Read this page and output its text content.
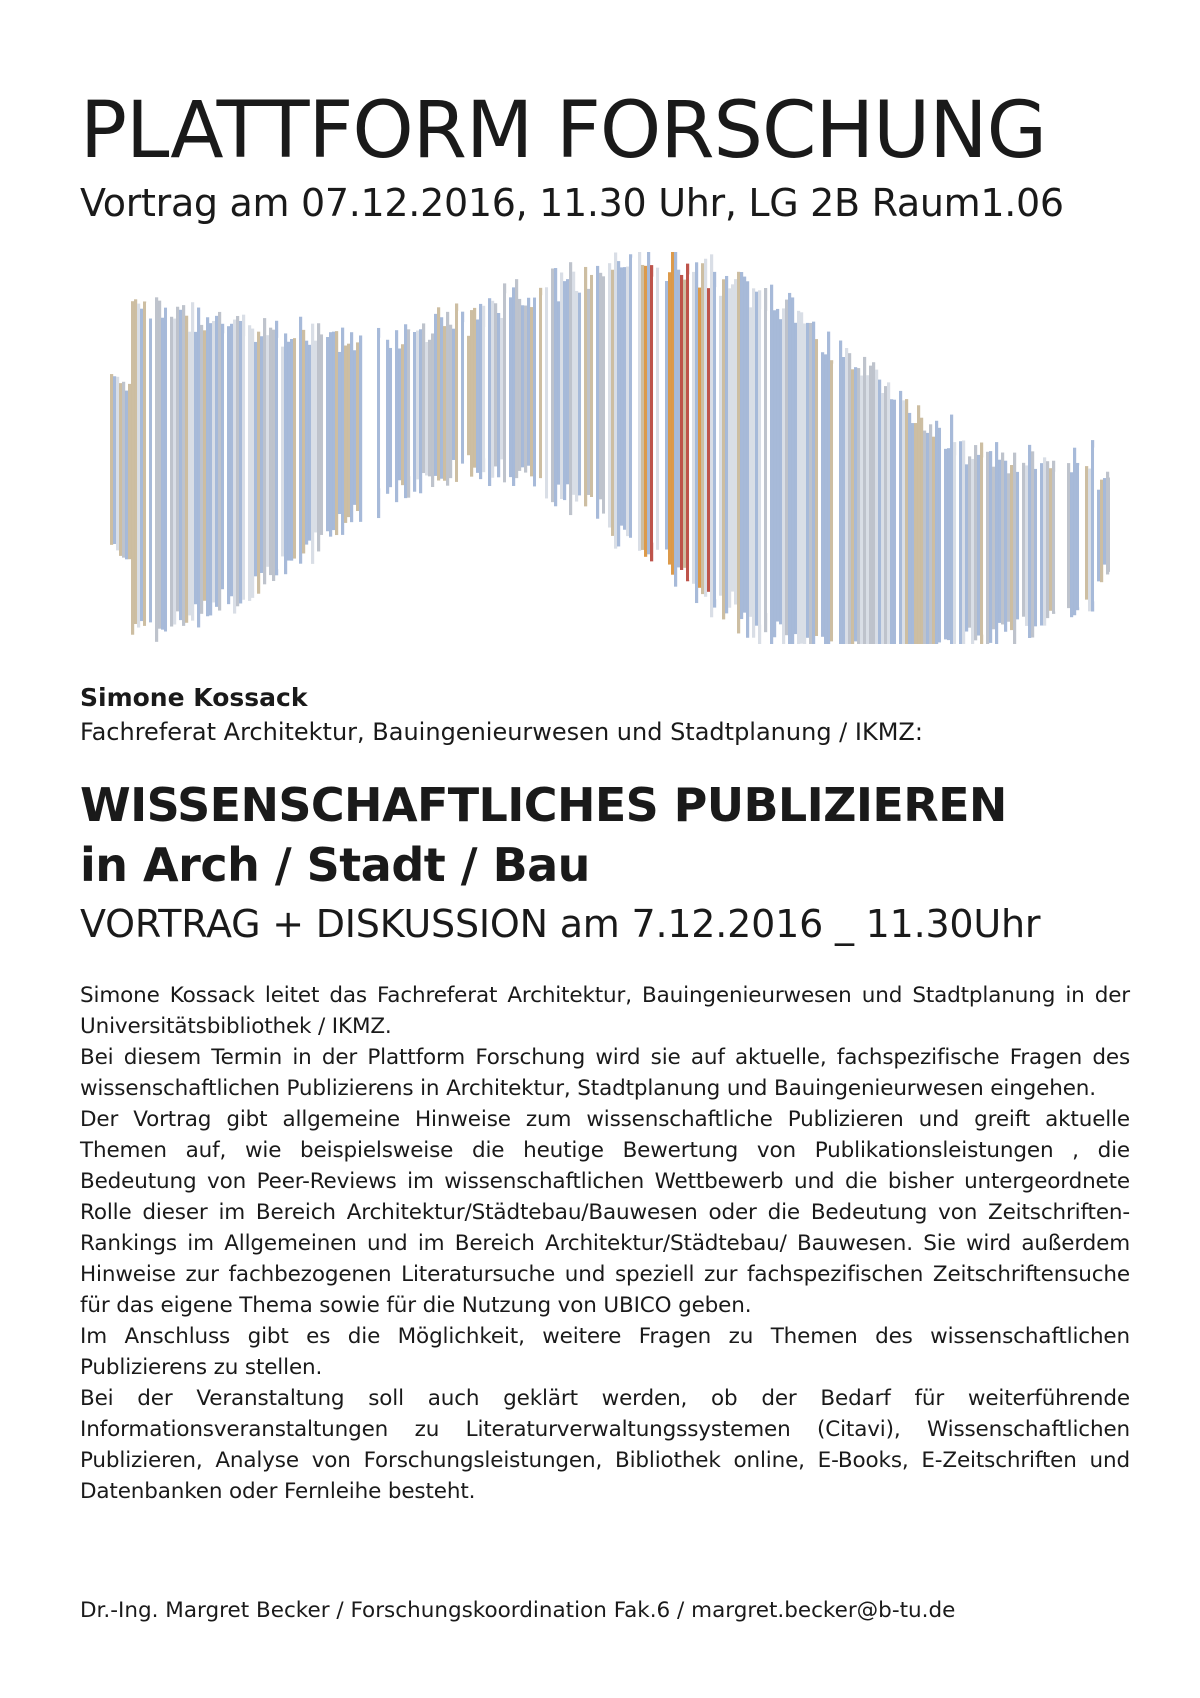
PLATTFORM FORSCHUNG
Vortrag am 07.12.2016, 11.30 Uhr, LG 2B Raum1.06
Simone Kossack
Fachreferat Architektur, Bauingenieurwesen und Stadtplanung / IKMZ:
WISSENSCHAFTLICHES PUBLIZIEREN
in Arch / Stadt / Bau
VORTRAG + DISKUSSION am 7.12.2016 _ 11.30Uhr

Simone Kossack leitet das Fachreferat Architektur, Bauingenieurwesen und Stadtplanung in der Universitätsbibliothek / IKMZ.

Bei diesem Termin in der Plattform Forschung wird sie auf aktuelle, fachspezifische Fragen des wissenschaftlichen Publizierens in Architektur, Stadtplanung und Bauingenieurwesen eingehen.

Der Vortrag gibt allgemeine Hinweise zum wissenschaftliche Publizieren und greift aktuelle Themen auf, wie beispielsweise die heutige Bewertung von Publikationsleistungen , die Bedeutung von Peer-Reviews im wissenschaftlichen Wettbewerb und die bisher untergeordnete Rolle dieser im Bereich Architektur/Städtebau/Bauwesen oder die Bedeutung von Zeitschriften-Rankings im Allgemeinen und im Bereich Architektur/Städtebau/ Bauwesen. Sie wird außerdem Hinweise zur fachbezogenen Literatursuche und speziell zur fachspezifischen Zeitschriftensuche für das eigene Thema sowie für die Nutzung von UBICO geben.

Im Anschluss gibt es die Möglichkeit, weitere Fragen zu Themen des wissenschaftlichen Publizierens zu stellen.

Bei der Veranstaltung soll auch geklärt werden, ob der Bedarf für weiterführende Informationsveranstaltungen zu Literaturverwaltungssystemen (Citavi), Wissenschaftlichen Publizieren, Analyse von Forschungsleistungen, Bibliothek online, E-Books, E-Zeitschriften und Datenbanken oder Fernleihe besteht.

Dr.-Ing. Margret Becker / Forschungskoordination Fak.6 / margret.becker@b-tu.de
